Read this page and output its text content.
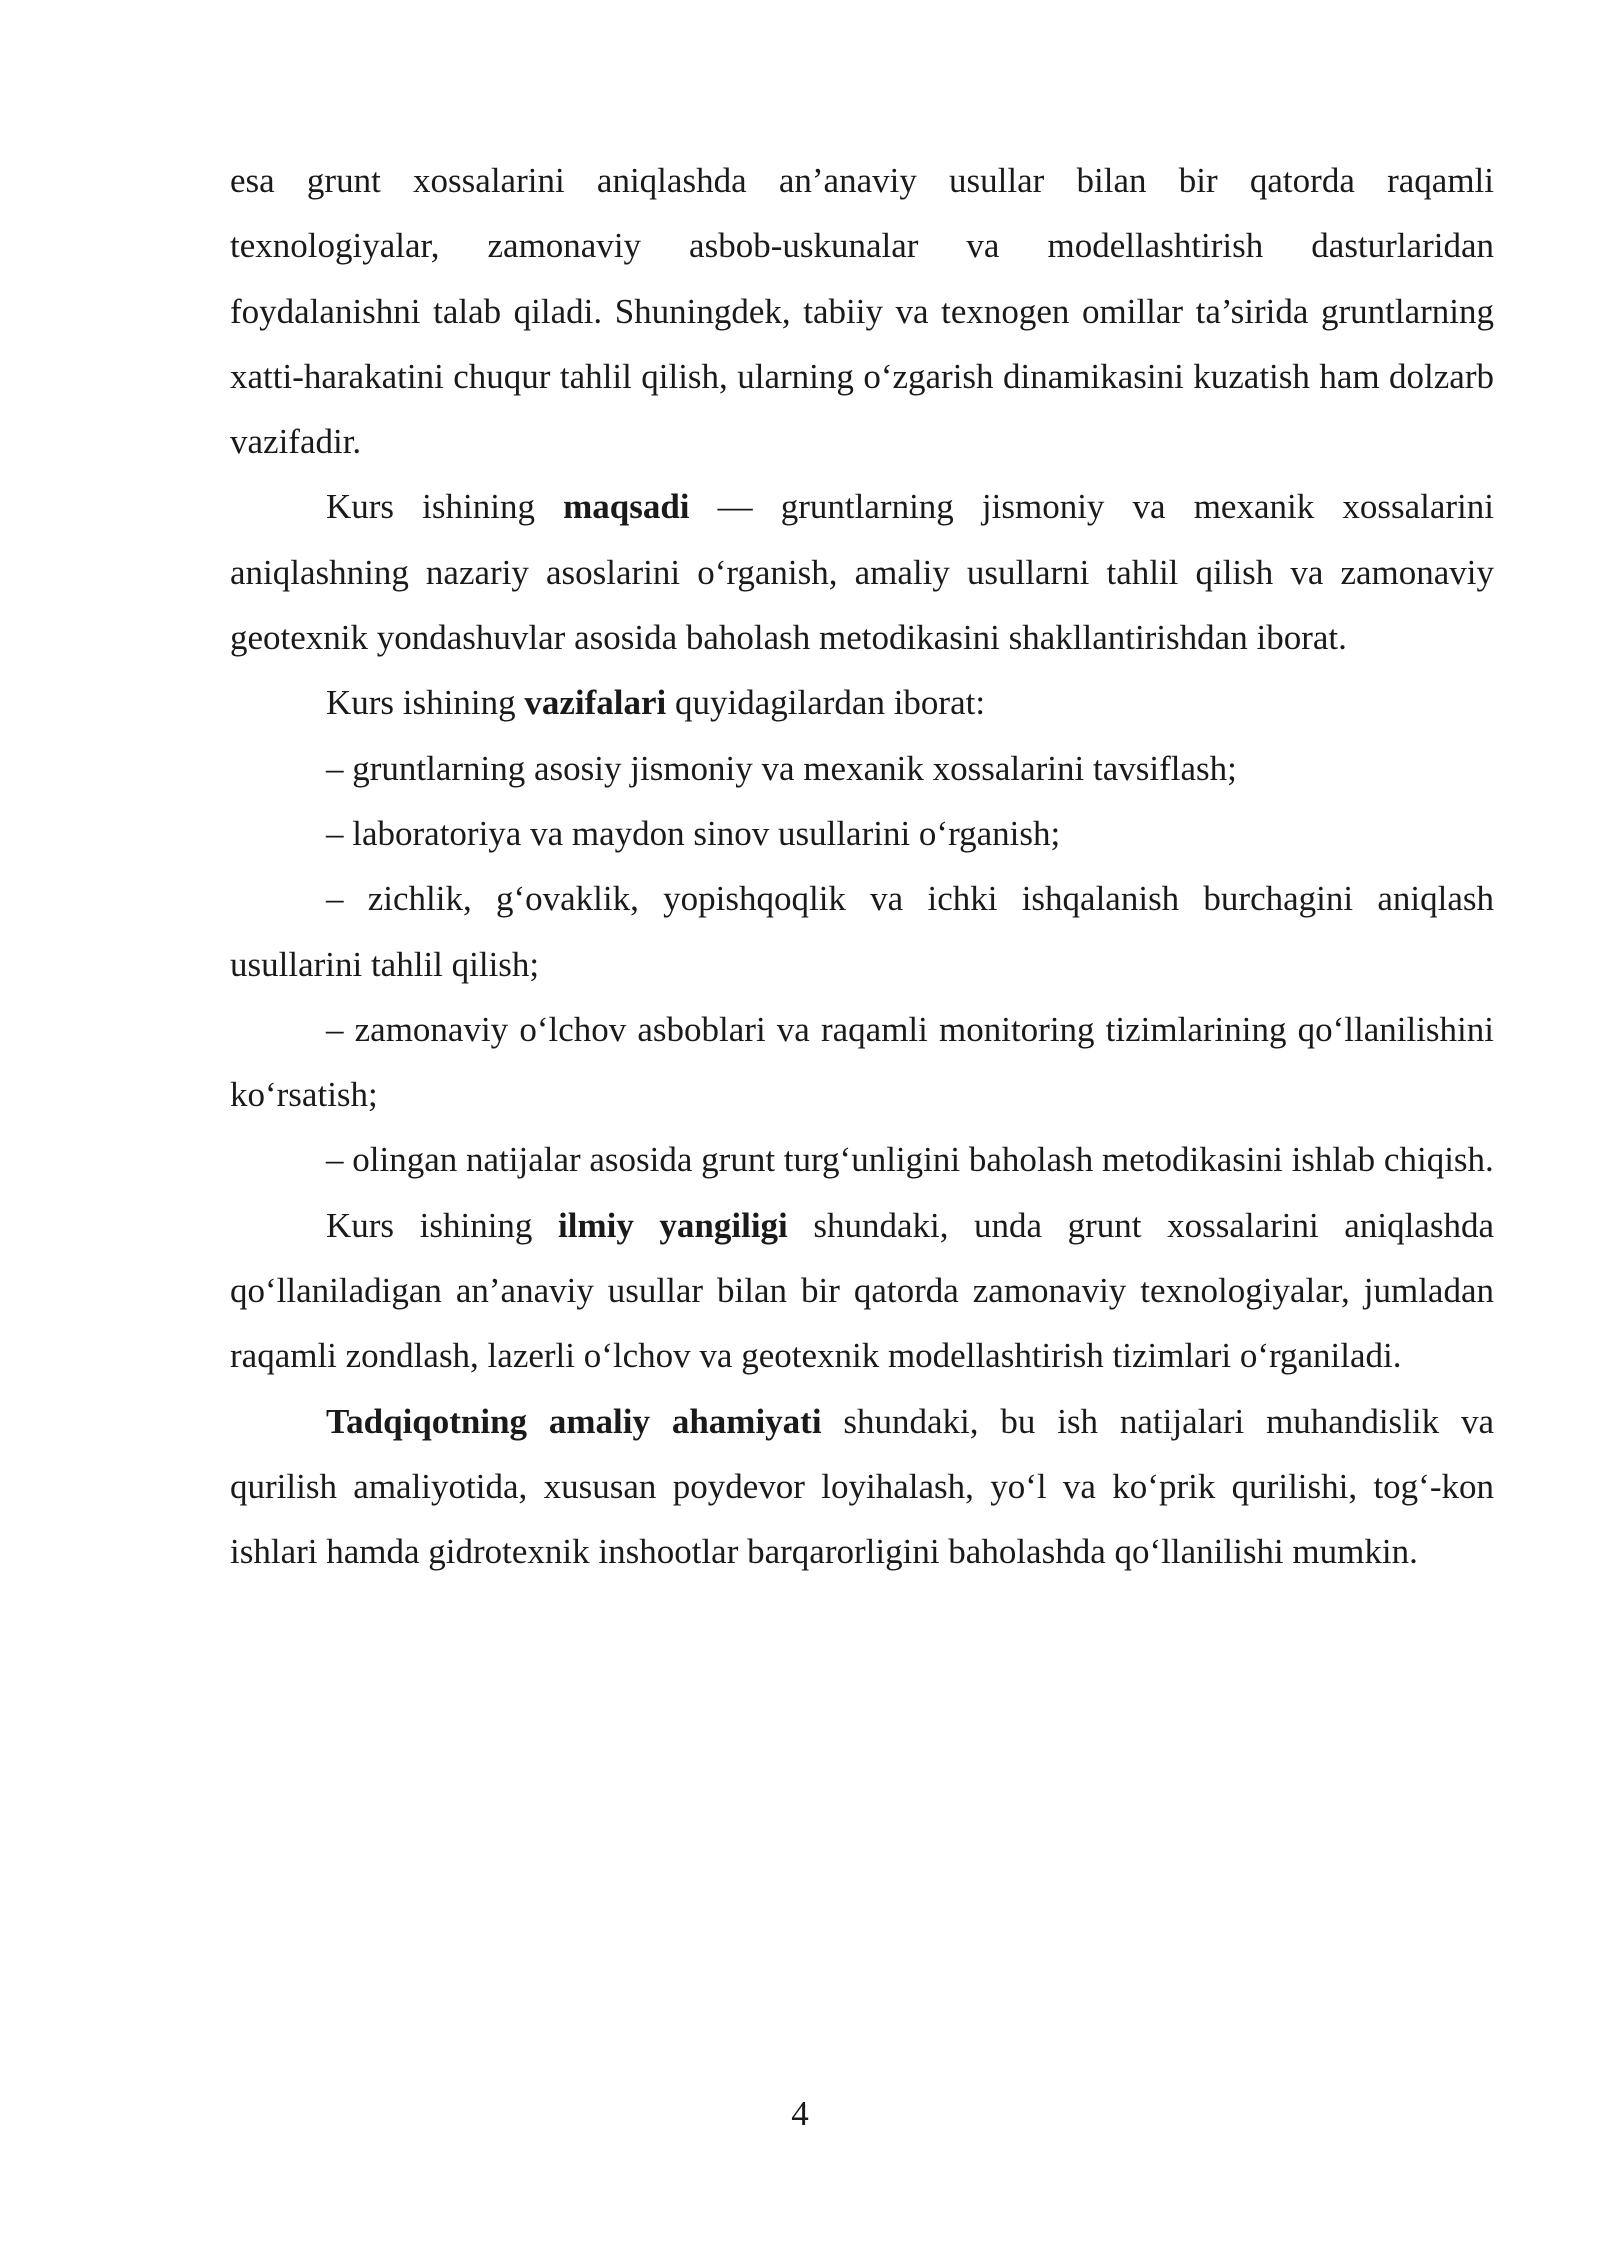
esa grunt xossalarini aniqlashda an’anaviy usullar bilan bir qatorda raqamli texnologiyalar, zamonaviy asbob-uskunalar va modellashtirish dasturlaridan foydalanishni talab qiladi. Shuningdek, tabiiy va texnogen omillar ta’sirida gruntlarning xatti-harakatini chuqur tahlil qilish, ularning o‘zgarish dinamikasini kuzatish ham dolzarb vazifadir.

Kurs ishining maqsadi — gruntlarning jismoniy va mexanik xossalarini aniqlashning nazariy asoslarini o‘rganish, amaliy usullarni tahlil qilish va zamonaviy geotexnik yondashuvlar asosida baholash metodikasini shakllantirishdan iborat.

Kurs ishining vazifalari quyidagilardan iborat:

– gruntlarning asosiy jismoniy va mexanik xossalarini tavsiflash;

– laboratoriya va maydon sinov usullarini o‘rganish;

– zichlik, g‘ovaklik, yopishqoqlik va ichki ishqalanish burchagini aniqlash usullarini tahlil qilish;

– zamonaviy o‘lchov asboblari va raqamli monitoring tizimlarining qo‘llanilishini ko‘rsatish;

– olingan natijalar asosida grunt turg‘unligini baholash metodikasini ishlab chiqish.

Kurs ishining ilmiy yangiligi shundaki, unda grunt xossalarini aniqlashda qo‘llaniladigan an’anaviy usullar bilan bir qatorda zamonaviy texnologiyalar, jumladan raqamli zondlash, lazerli o‘lchov va geotexnik modellashtirish tizimlari o‘rganiladi.

Tadqiqotning amaliy ahamiyati shundaki, bu ish natijalari muhandislik va qurilish amaliyotida, xususan poydevor loyihalash, yo‘l va ko‘prik qurilishi, tog‘-kon ishlari hamda gidrotexnik inshootlar barqarorligini baholashda qo‘llanilishi mumkin.

4
